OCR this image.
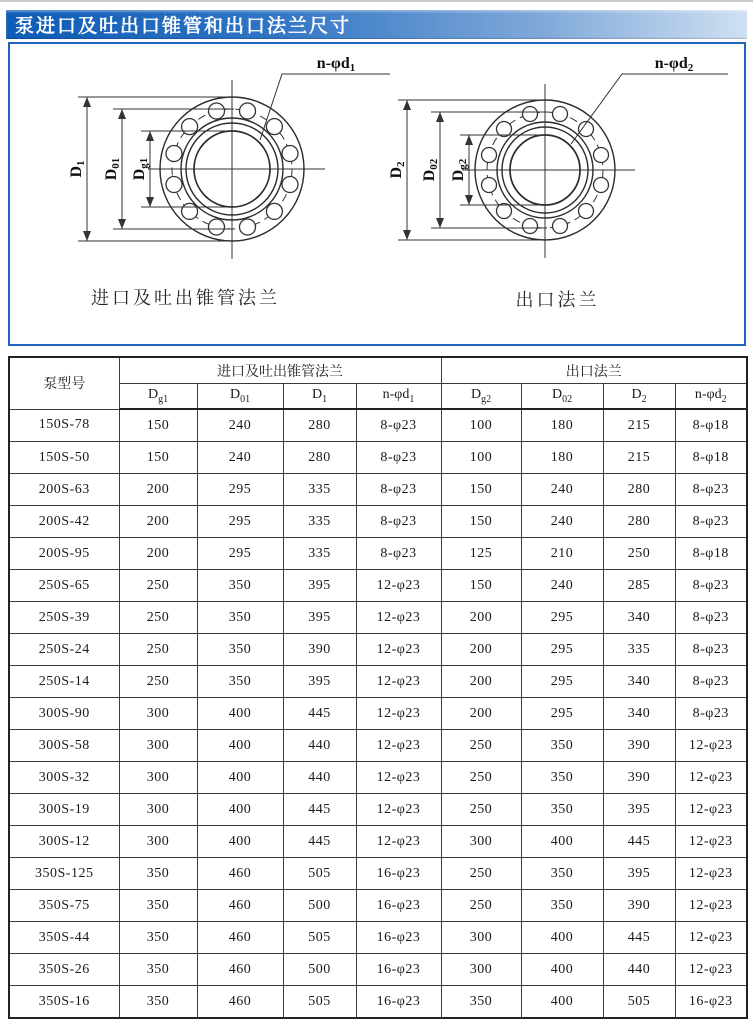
泵进口及吐出口锥管和出口法兰尺寸
D1
D01
Dg1
n-φd1
D2
D02
Dg2
n-φd2
进口及吐出锥管法兰	出口法兰
泵型号	进口及吐出锥管法兰				出口法兰			
	$D_{g1}$	$D_{01}$	$D_1$	$n-\varphi d_1$	$D_{g2}$	$D_{02}$	$D_2$	$n-\varphi d_2$
150S-78	150	240	280	8-φ23	100	180	215	8-φ18
150S-50	150	240	280	8-φ23	100	180	215	8-φ18
200S-63	200	295	335	8-φ23	150	240	280	8-φ23
200S-42	200	295	335	8-φ23	150	240	280	8-φ23
200S-95	200	295	335	8-φ23	125	210	250	8-φ18
250S-65	250	350	395	12-φ23	150	240	285	8-φ23
250S-39	250	350	395	12-φ23	200	295	340	8-φ23
250S-24	250	350	390	12-φ23	200	295	335	8-φ23
250S-14	250	350	395	12-φ23	200	295	340	8-φ23
300S-90	300	400	445	12-φ23	200	295	340	8-φ23
300S-58	300	400	440	12-φ23	250	350	390	12-φ23
300S-32	300	400	440	12-φ23	250	350	390	12-φ23
300S-19	300	400	445	12-φ23	250	350	395	12-φ23
300S-12	300	400	445	12-φ23	300	400	445	12-φ23
350S-125	350	460	505	16-φ23	250	350	395	12-φ23
350S-75	350	460	500	16-φ23	250	350	390	12-φ23
350S-44	350	460	505	16-φ23	300	400	445	12-φ23
350S-26	350	460	500	16-φ23	300	400	440	12-φ23
350S-16	350	460	505	16-φ23	350	400	505	16-φ23
